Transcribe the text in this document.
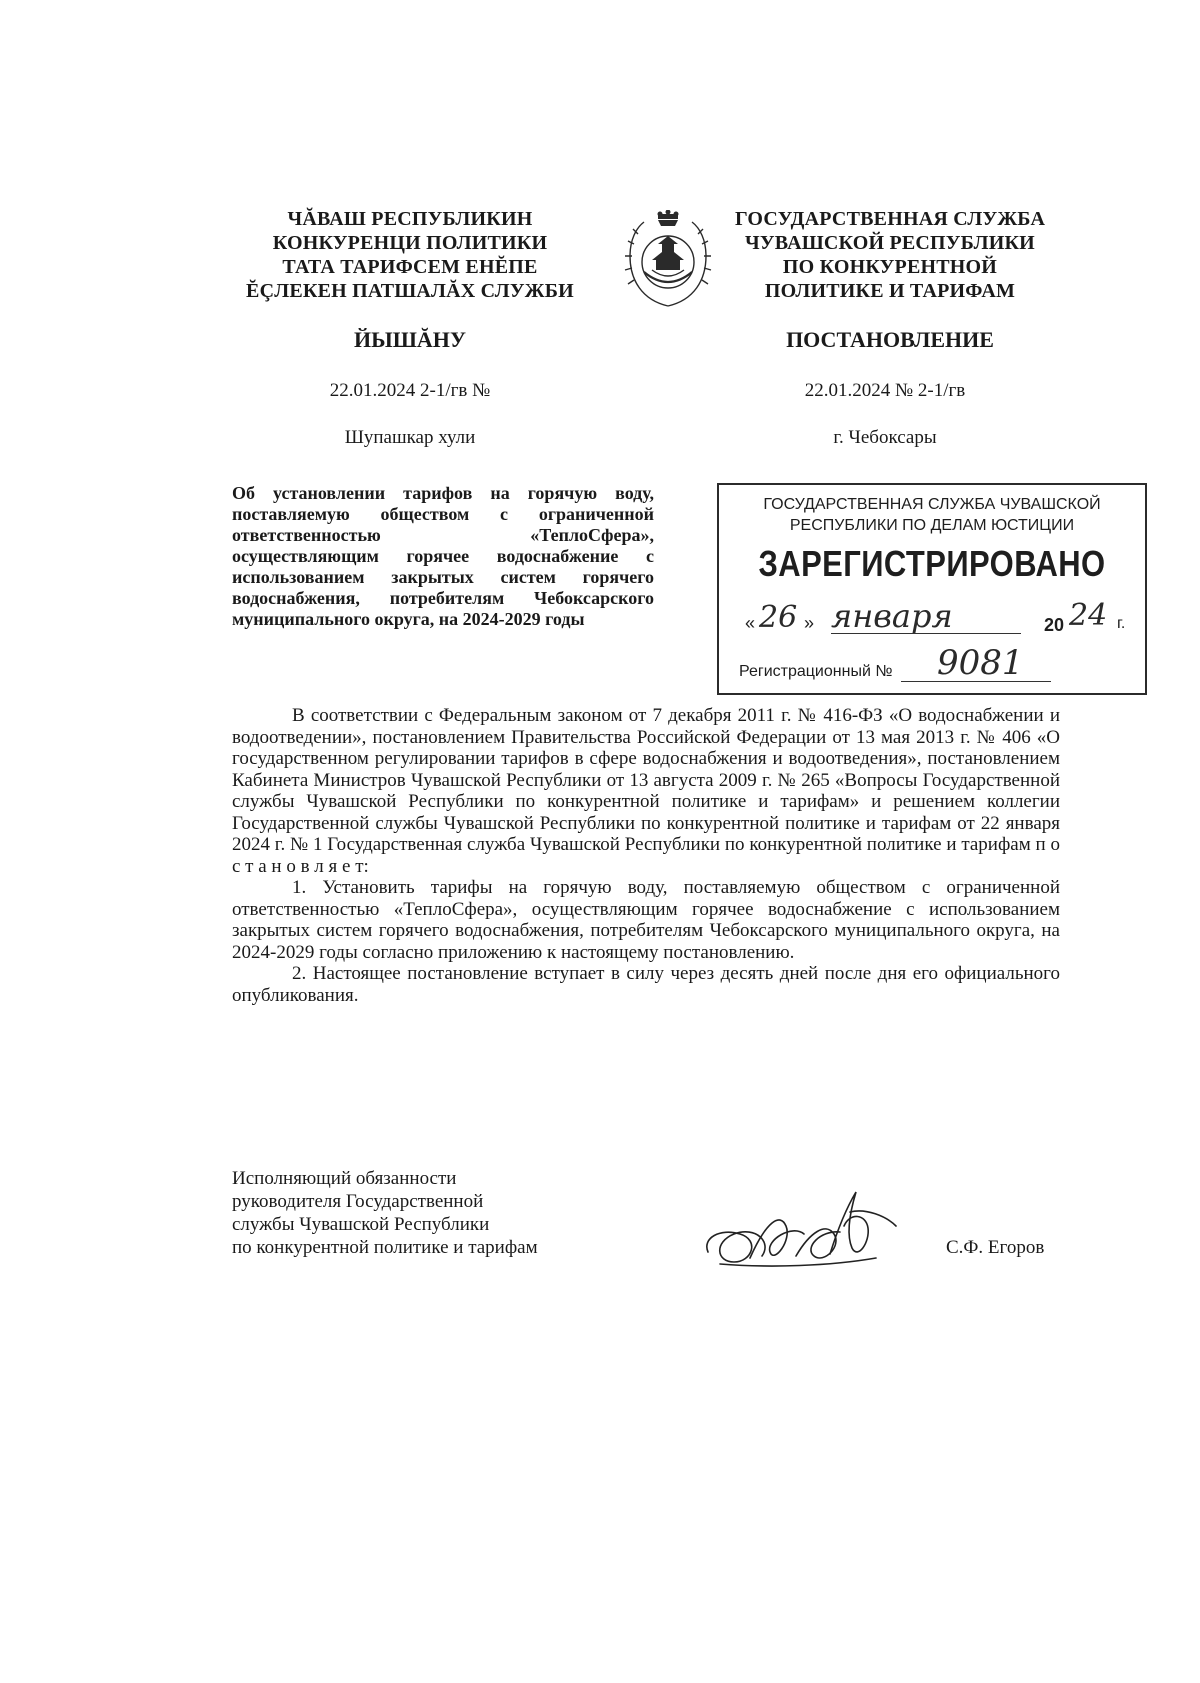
ЧĂВАШ РЕСПУБЛИКИН
КОНКУРЕНЦИ ПОЛИТИКИ
ТАТА ТАРИФСЕМ ЕНĔПЕ
ĔÇЛЕКЕН ПАТШАЛĂХ СЛУЖБИ
ГОСУДАРСТВЕННАЯ СЛУЖБА
ЧУВАШСКОЙ РЕСПУБЛИКИ
ПО КОНКУРЕНТНОЙ
ПОЛИТИКЕ И ТАРИФАМ
ЙЫШĂНУ	ПОСТАНОВЛЕНИЕ
22.01.2024 2-1/гв №	22.01.2024 № 2-1/гв
Шупашкар хули	г. Чебоксары
Об установлении тарифов на горячую воду, поставляемую обществом с ограниченной ответственностью «ТеплоСфера», осуществляющим горячее водоснабжение с использованием закрытых систем горячего водоснабжения, потребителям Чебоксарского муниципального округа, на 2024-2029 годы
ГОСУДАРСТВЕННАЯ СЛУЖБА ЧУВАШСКОЙ
РЕСПУБЛИКИ ПО ДЕЛАМ ЮСТИЦИИ
ЗАРЕГИСТРИРОВАНО
« 26 » января	20 24 г.
Регистрационный № 9081

В соответствии с Федеральным законом от 7 декабря 2011 г. № 416-ФЗ «О водоснабжении и водоотведении», постановлением Правительства Российской Федерации от 13 мая 2013 г. № 406 «О государственном регулировании тарифов в сфере водоснабжения и водоотведения», постановлением Кабинета Министров Чувашской Республики от 13 августа 2009 г. № 265 «Вопросы Государственной службы Чувашской Республики по конкурентной политике и тарифам» и решением коллегии Государственной службы Чувашской Республики по конкурентной политике и тарифам от 22 января 2024 г. № 1 Государственная служба Чувашской Республики по конкурентной политике и тарифам п о с т а н о в л я е т:

1. Установить тарифы на горячую воду, поставляемую обществом с ограниченной ответственностью «ТеплоСфера», осуществляющим горячее водоснабжение с использованием закрытых систем горячего водоснабжения, потребителям Чебоксарского муниципального округа, на 2024-2029 годы согласно приложению к настоящему постановлению.

2. Настоящее постановление вступает в силу через десять дней после дня его официального опубликования.

Исполняющий обязанности
руководителя Государственной
службы Чувашской Республики
по конкурентной политике и тарифам	С.Ф. Егоров
